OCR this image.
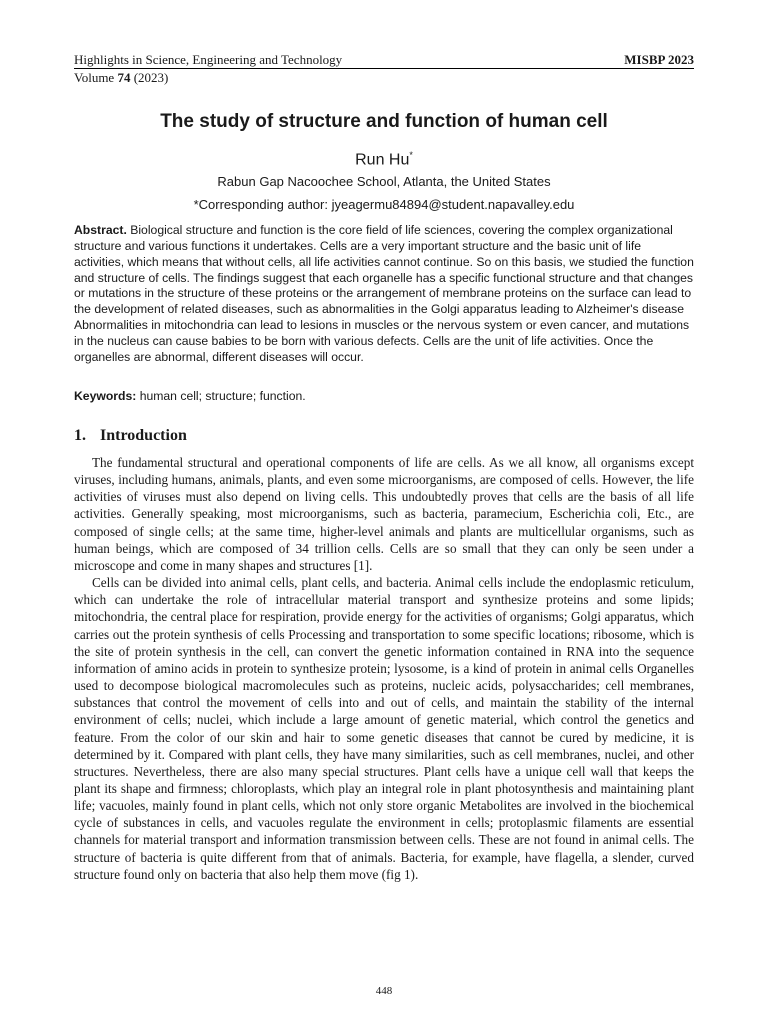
Highlights in Science, Engineering and Technology	MISBP 2023
Volume 74 (2023)
The study of structure and function of human cell
Run Hu*
Rabun Gap Nacoochee School, Atlanta, the United States
*Corresponding author: jyeagermu84894@student.napavalley.edu

Abstract. Biological structure and function is the core field of life sciences, covering the complex organizational structure and various functions it undertakes. Cells are a very important structure and the basic unit of life activities, which means that without cells, all life activities cannot continue. So on this basis, we studied the function and structure of cells. The findings suggest that each organelle has a specific functional structure and that changes or mutations in the structure of these proteins or the arrangement of membrane proteins on the surface can lead to the development of related diseases, such as abnormalities in the Golgi apparatus leading to Alzheimer's disease Abnormalities in mitochondria can lead to lesions in muscles or the nervous system or even cancer, and mutations in the nucleus can cause babies to be born with various defects. Cells are the unit of life activities. Once the organelles are abnormal, different diseases will occur.

Keywords: human cell; structure; function.

1. Introduction

The fundamental structural and operational components of life are cells. As we all know, all organisms except viruses, including humans, animals, plants, and even some microorganisms, are composed of cells. However, the life activities of viruses must also depend on living cells. This undoubtedly proves that cells are the basis of all life activities. Generally speaking, most microorganisms, such as bacteria, paramecium, Escherichia coli, Etc., are composed of single cells; at the same time, higher-level animals and plants are multicellular organisms, such as human beings, which are composed of 34 trillion cells. Cells are so small that they can only be seen under a microscope and come in many shapes and structures [1].

Cells can be divided into animal cells, plant cells, and bacteria. Animal cells include the endoplasmic reticulum, which can undertake the role of intracellular material transport and synthesize proteins and some lipids; mitochondria, the central place for respiration, provide energy for the activities of organisms; Golgi apparatus, which carries out the protein synthesis of cells Processing and transportation to some specific locations; ribosome, which is the site of protein synthesis in the cell, can convert the genetic information contained in RNA into the sequence information of amino acids in protein to synthesize protein; lysosome, is a kind of protein in animal cells Organelles used to decompose biological macromolecules such as proteins, nucleic acids, polysaccharides; cell membranes, substances that control the movement of cells into and out of cells, and maintain the stability of the internal environment of cells; nuclei, which include a large amount of genetic material, which control the genetics and feature. From the color of our skin and hair to some genetic diseases that cannot be cured by medicine, it is determined by it. Compared with plant cells, they have many similarities, such as cell membranes, nuclei, and other structures. Nevertheless, there are also many special structures. Plant cells have a unique cell wall that keeps the plant its shape and firmness; chloroplasts, which play an integral role in plant photosynthesis and maintaining plant life; vacuoles, mainly found in plant cells, which not only store organic Metabolites are involved in the biochemical cycle of substances in cells, and vacuoles regulate the environment in cells; protoplasmic filaments are essential channels for material transport and information transmission between cells. These are not found in animal cells. The structure of bacteria is quite different from that of animals. Bacteria, for example, have flagella, a slender, curved structure found only on bacteria that also help them move (fig 1).

448
